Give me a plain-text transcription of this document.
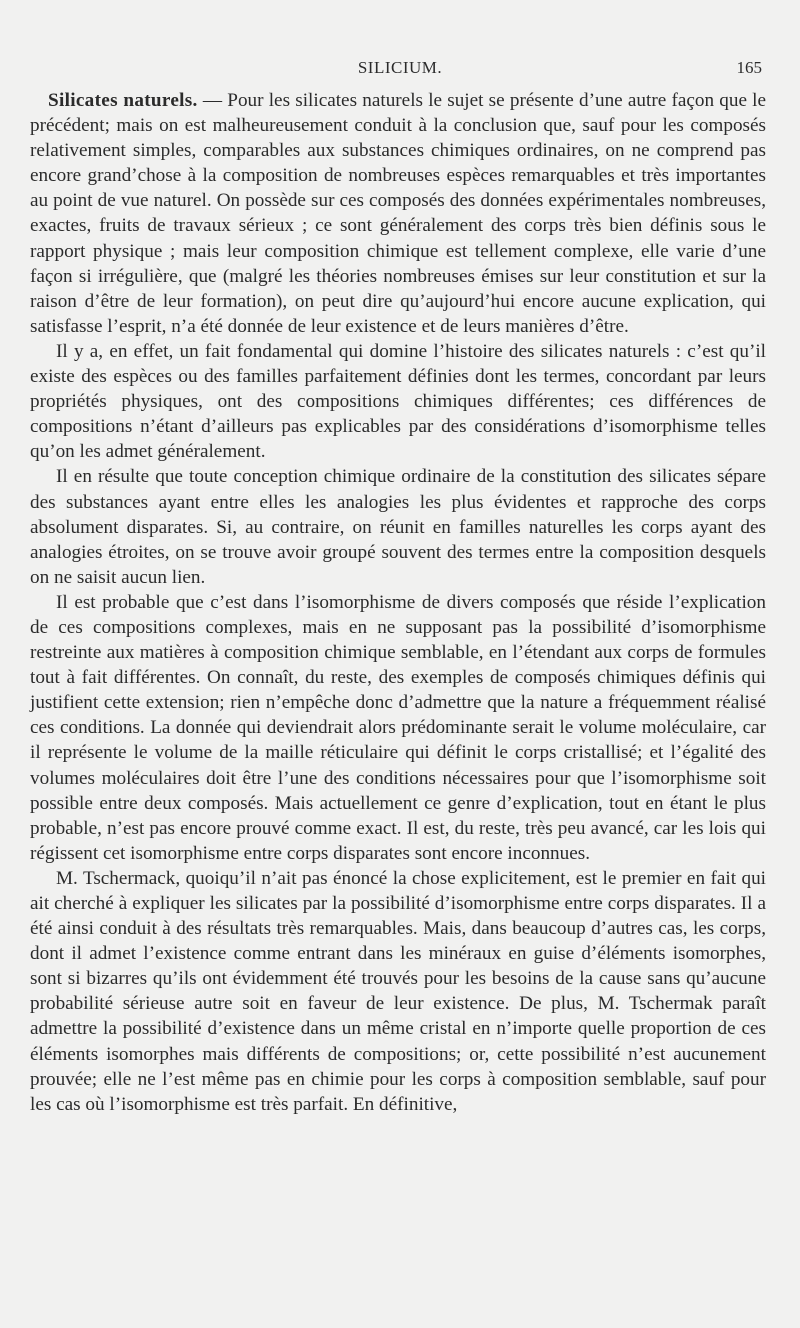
SILICIUM.	165

Silicates naturels. — Pour les silicates naturels le sujet se présente d’une autre façon que le précédent; mais on est malheureusement conduit à la conclusion que, sauf pour les composés relativement simples, comparables aux substances chimiques ordinaires, on ne comprend pas encore grand’chose à la composition de nombreuses espèces remarquables et très importantes au point de vue naturel. On possède sur ces composés des données expérimentales nombreuses, exactes, fruits de travaux sérieux ; ce sont généralement des corps très bien définis sous le rapport physique ; mais leur composition chimique est tellement complexe, elle varie d’une façon si irrégulière, que (malgré les théories nombreuses émises sur leur constitution et sur la raison d’être de leur formation), on peut dire qu’aujourd’hui encore aucune explication, qui satisfasse l’esprit, n’a été donnée de leur existence et de leurs manières d’être.

Il y a, en effet, un fait fondamental qui domine l’histoire des silicates naturels : c’est qu’il existe des espèces ou des familles parfaitement définies dont les termes, concordant par leurs propriétés physiques, ont des compositions chimiques différentes; ces différences de compositions n’étant d’ailleurs pas explicables par des considérations d’isomorphisme telles qu’on les admet généralement.

Il en résulte que toute conception chimique ordinaire de la constitution des silicates sépare des substances ayant entre elles les analogies les plus évidentes et rapproche des corps absolument disparates. Si, au contraire, on réunit en familles naturelles les corps ayant des analogies étroites, on se trouve avoir groupé souvent des termes entre la composition desquels on ne saisit aucun lien.

Il est probable que c’est dans l’isomorphisme de divers composés que réside l’explication de ces compositions complexes, mais en ne supposant pas la possibilité d’isomorphisme restreinte aux matières à composition chimique semblable, en l’étendant aux corps de formules tout à fait différentes. On connaît, du reste, des exemples de composés chimiques définis qui justifient cette extension; rien n’empêche donc d’admettre que la nature a fréquemment réalisé ces conditions. La donnée qui deviendrait alors prédominante serait le volume moléculaire, car il représente le volume de la maille réticulaire qui définit le corps cristallisé; et l’égalité des volumes moléculaires doit être l’une des conditions nécessaires pour que l’isomorphisme soit possible entre deux composés. Mais actuellement ce genre d’explication, tout en étant le plus probable, n’est pas encore prouvé comme exact. Il est, du reste, très peu avancé, car les lois qui régissent cet isomorphisme entre corps disparates sont encore inconnues.

M. Tschermack, quoiqu’il n’ait pas énoncé la chose explicitement, est le premier en fait qui ait cherché à expliquer les silicates par la possibilité d’isomorphisme entre corps disparates. Il a été ainsi conduit à des résultats très remarquables. Mais, dans beaucoup d’autres cas, les corps, dont il admet l’existence comme entrant dans les minéraux en guise d’éléments isomorphes, sont si bizarres qu’ils ont évidemment été trouvés pour les besoins de la cause sans qu’aucune probabilité sérieuse autre soit en faveur de leur existence. De plus, M. Tschermak paraît admettre la possibilité d’existence dans un même cristal en n’importe quelle proportion de ces éléments isomorphes mais différents de compositions; or, cette possibilité n’est aucunement prouvée; elle ne l’est même pas en chimie pour les corps à composition semblable, sauf pour les cas où l’isomorphisme est très parfait. En définitive,
